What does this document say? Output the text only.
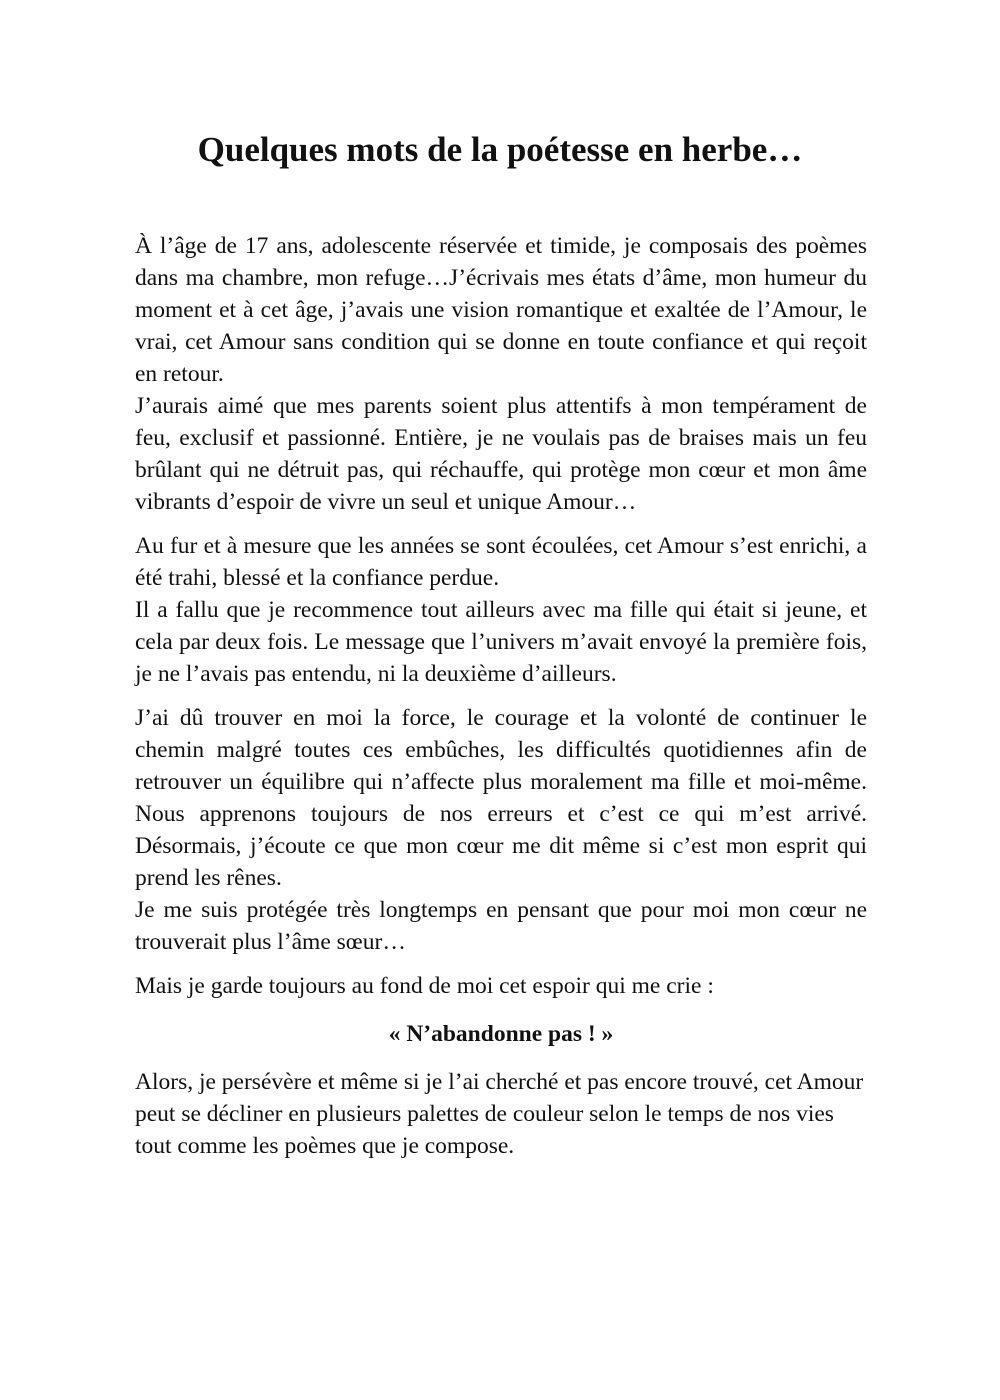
Quelques mots de la poétesse en herbe…

À l’âge de 17 ans, adolescente réservée et timide, je composais des poèmes dans ma chambre, mon refuge…J’écrivais mes états d’âme, mon humeur du moment et à cet âge, j’avais une vision romantique et exaltée de l’Amour, le vrai, cet Amour sans condition qui se donne en toute confiance et qui reçoit en retour.

J’aurais aimé que mes parents soient plus attentifs à mon tempérament de feu, exclusif et passionné. Entière, je ne voulais pas de braises mais un feu brûlant qui ne détruit pas, qui réchauffe, qui protège mon cœur et mon âme vibrants d’espoir de vivre un seul et unique Amour…

Au fur et à mesure que les années se sont écoulées, cet Amour s’est enrichi, a été trahi, blessé et la confiance perdue.

Il a fallu que je recommence tout ailleurs avec ma fille qui était si jeune, et cela par deux fois. Le message que l’univers m’avait envoyé la première fois, je ne l’avais pas entendu, ni la deuxième d’ailleurs.

J’ai dû trouver en moi la force, le courage et la volonté de continuer le chemin malgré toutes ces embûches, les difficultés quotidiennes afin de retrouver un équilibre qui n’affecte plus moralement ma fille et moi-même. Nous apprenons toujours de nos erreurs et c’est ce qui m’est arrivé. Désormais, j’écoute ce que mon cœur me dit même si c’est mon esprit qui prend les rênes.

Je me suis protégée très longtemps en pensant que pour moi mon cœur ne trouverait plus l’âme sœur…

Mais je garde toujours au fond de moi cet espoir qui me crie :

« N’abandonne pas ! »

Alors, je persévère et même si je l’ai cherché et pas encore trouvé, cet Amour peut se décliner en plusieurs palettes de couleur selon le temps de nos vies tout comme les poèmes que je compose.
